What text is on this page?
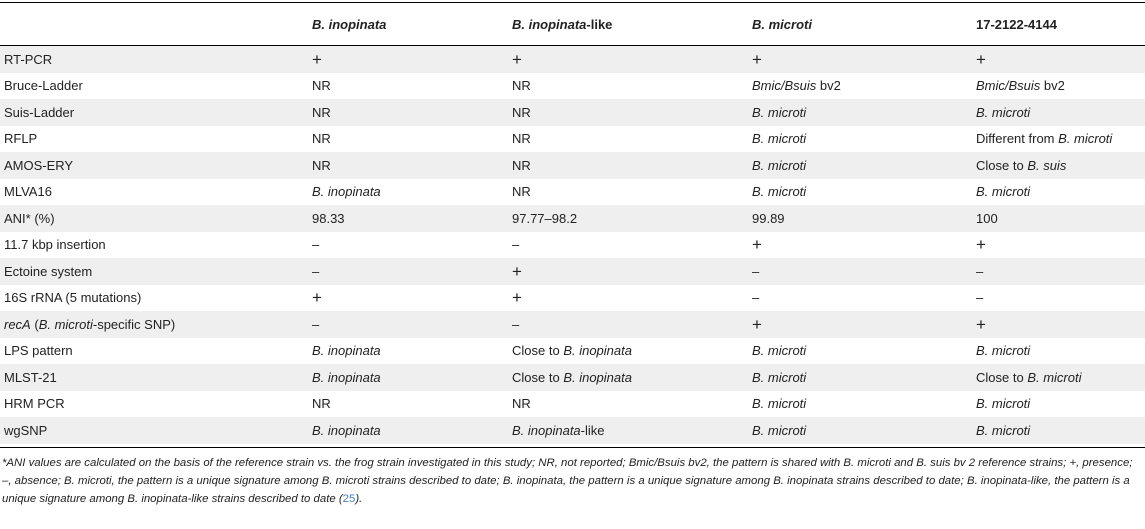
	B. inopinata	B. inopinata-like	B. microti	17-2122-4144
RT-PCR	+	+	+	+
Bruce-Ladder	NR	NR	Bmic/Bsuis bv2	Bmic/Bsuis bv2
Suis-Ladder	NR	NR	B. microti	B. microti
RFLP	NR	NR	B. microti	Different from B. microti
AMOS-ERY	NR	NR	B. microti	Close to B. suis
MLVA16	B. inopinata	NR	B. microti	B. microti
ANI* (%)	98.33	97.77–98.2	99.89	100
11.7 kbp insertion	–	–	+	+
Ectoine system	–	+	–	–
16S rRNA (5 mutations)	+	+	–	–
recA (B. microti-specific SNP)	–	–	+	+
LPS pattern	B. inopinata	Close to B. inopinata	B. microti	B. microti
MLST-21	B. inopinata	Close to B. inopinata	B. microti	Close to B. microti
HRM PCR	NR	NR	B. microti	B. microti
wgSNP	B. inopinata	B. inopinata-like	B. microti	B. microti
*ANI values are calculated on the basis of the reference strain vs. the frog strain investigated in this study; NR, not reported; Bmic/Bsuis bv2, the pattern is shared with B. microti and B. suis bv 2 reference strains; +, presence; –, absence; B. microti, the pattern is a unique signature among B. microti strains described to date; B. inopinata, the pattern is a unique signature among B. inopinata strains described to date; B. inopinata-like, the pattern is a unique signature among B. inopinata-like strains described to date (25).
